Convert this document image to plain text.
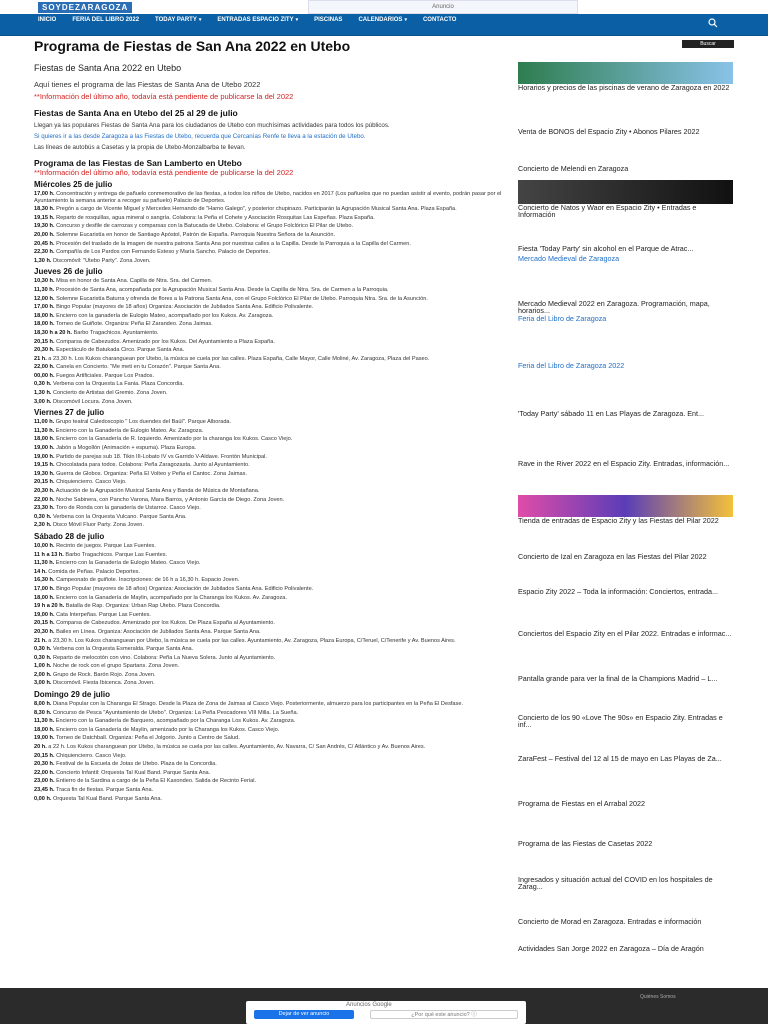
SOYDEZARAGOZA	Anuncio
INICIO	FERIA DEL LIBRO 2022	TODAY PARTY ▾	ENTRADAS ESPACIO ZITY ▾	PISCINAS	CALENDARIOS ▾	CONTACTO
Programa de Fiestas de San Ana 2022 en Utebo
Fiestas de Santa Ana 2022 en Utebo
Aquí tienes el programa de las Fiestas de Santa Ana de Utebo 2022
**Información del último año, todavía está pendiente de publicarse la del 2022
Fiestas de Santa Ana en Utebo del 25 al 29 de julio
Llegan ya las populares Fiestas de Santa Ana para los ciudadanos de Utebo con muchísimas actividades para todos los públicos.
Si quieres ir a las desde Zaragoza a las Fiestas de Utebo, recuerda que Cercanías Renfe te lleva a la estación de Utebo.
Las líneas de autobús a Casetas y la propia de Utebo-Monzalbarba te llevan.
Programa de las Fiestas de San Lamberto en Utebo
**Información del último año, todavía está pendiente de publicarse la del 2022
Miércoles 25 de julio
17,00 h. Concentración y entrega de pañuelo conmemorativo de las fiestas, a todos los niños de Utebo, nacidos en 2017 (Los pañuelos que no puedan asistir al evento, podrán pasar por el Ayuntamiento la semana anterior a recoger su pañuelo) Palacio de Deportes.
18,30 h. Pregón a cargo de Vicente Miguel y Mercedes Hernando de "Harno Galego", y posterior chupinazo. Participarán la Agrupación Musical Santa Ana. Plaza España.
19,15 h. Reparto de rosquillas, agua mineral o sangría. Colabora: la Peña el Cohete y Asociación Rosquitas Las Espeñas. Plaza España.
19,30 h. Concurso y desfile de carrozas y comparsas con la Batucada de Utebo. Colabora: el Grupo Folclórico El Pilar de Utebo.
20,00 h. Solemne Eucaristía en honor de Santiago Apóstol, Patrón de España. Parroquia Nuestra Señora de la Asunción.
20,45 h. Procesión del traslado de la imagen de nuestra patrona Santa Ana por nuestras calles a la Capilla. Desde la Parroquia a la Capilla del Carmen.
22,30 h. Compañía de Los Pardos con Fernando Esteso y María Sancho. Palacio de Deportes.
1,30 h. Discomóvil: "Utebo Party". Zona Joven.
Jueves 26 de julio
10,30 h. Misa en honor de Santa Ana. Capilla de Ntra. Sra. del Carmen.
11,30 h. Procesión de Santa Ana, acompañada por la Agrupación Musical Santa Ana. Desde la Capilla de Ntra. Sra. de Carmen a la Parroquia.
12,00 h. Solemne Eucaristía Baturra y ofrenda de flores a la Patrona Santa Ana, con el Grupo Folclórico El Pilar de Utebo. Parroquia Ntra. Sra. de la Asunción.
17,00 h. Bingo Popular (mayores de 18 años) Organiza: Asociación de Jubilados Santa Ana. Edificio Polivalente.
18,00 h. Encierro con la ganadería de Eulogio Mateo, acompañado por los Kukos. Av. Zaragoza.
18,00 h. Torneo de Guiñote. Organiza: Peña El Zarandeo. Zona Jaimas.
18,30 h a 20 h. Barbo Tragachicos. Ayuntamiento.
20,15 h. Comparsa de Cabezudos. Amenizado por los Kukos. Del Ayuntamiento a Plaza España.
20,30 h. Espectáculo de Batukada Circo. Parque Santa Ana.
21 h. a 23,30 h. Los Kukos charanguean por Utebo, la música se cuela por las calles. Plaza España, Calle Mayor, Calle Moliné, Av. Zaragoza, Plaza del Paseo.
22,00 h. Canela en Concierto. "Me meti en tu Corazón". Parque Santa Ana.
00,00 h. Fuegos Artificiales. Parque Los Prados.
0,30 h. Verbena con la Orquesta La Fania. Plaza Concordia.
1,30 h. Concierto de Artistas del Gremio. Zona Joven.
3,00 h. Discomóvil Locura. Zona Joven.
Viernes 27 de julio
11,00 h. Grupo teatral Caledoscopio " Los duendes del Baúl". Parque Alborada.
11,30 h. Encierro con la Ganadería de Eulogio Mateo. Av. Zaragoza.
18,00 h. Encierro con la Ganadería de R. Izquierdo. Amenizado por la charanga los Kukos. Casco Viejo.
19,00 h. Jabón a Mogollón (Animación + espuma). Plaza Europa.
19,00 h. Partido de parejas sub 18. Tikin III-Lobato IV vs Garrido V-Aldave. Frontón Municipal.
19,15 h. Chocolatada para todos. Colabora: Peña Zaragozasta. Junto al Ayuntamiento.
19,30 h. Guerra de Globos. Organiza: Peña El Volteo y Peña el Cantoc. Zona Jaimas.
20,15 h. Chiquiencierro. Casco Viejo.
20,30 h. Actuación de la Agrupación Musical Santa Ana y Banda de Música de Montañana.
22,00 h. Noche Sabinera, con Pancho Varona, Mara Barros, y Antonio García de Diego. Zona Joven.
23,30 h. Toro de Ronda con la ganadería de Ustarroz. Casco Viejo.
0,30 h. Verbena con la Orquesta Vulcano. Parque Santa Ana.
2,30 h. Disco Móvil Fluor Party. Zona Joven.
Sábado 28 de julio
10,00 h. Recinto de juegos. Parque Las Fuentes.
11 h a 13 h. Barbo Tragachicos. Parque Las Fuentes.
11,30 h. Encierro con la Ganadería de Eulogio Mateo. Casco Viejo.
14 h. Comida de Peñas. Palacio Deportes.
16,30 h. Campeonato de guiñote. Inscripciones: de 16 h a 16,30 h. Espacio Joven.
17,00 h. Bingo Popular (mayores de 18 años) Organiza: Asociación de Jubilados Santa Ana. Edificio Polivalente.
18,00 h. Encierro con la Ganadería de Maylin, acompañado por la Charanga los Kukos. Av. Zaragoza.
19 h a 20 h. Batalla de Rap. Organiza: Urban Rap Utebo. Plaza Concordia.
19,00 h. Cata Interpeñas. Parque Las Fuentes.
20,15 h. Comparsa de Cabezudos. Amenizado por los Kukos. De Plaza España al Ayuntamiento.
20,30 h. Bailes en Línea. Organiza: Asociación de Jubilados Santa Ana. Parque Santa Ana.
21 h. a 23,30 h. Los Kukos charanguean por Utebo, la música se cuela por las calles. Ayuntamiento, Av. Zaragoza, Plaza Europa, C/Teruel, C/Tenerife y Av. Buenos Aires.
0,30 h. Verbena con la Orquesta Esmeralda. Parque Santa Ana.
0,30 h. Reparto de melocotón con vino. Colabora: Peña La Nueva Solera. Junto al Ayuntamiento.
1,00 h. Noche de rock con el grupo Spartans. Zona Joven.
2,00 h. Grupo de Rock. Barón Rojo. Zona Joven.
3,00 h. Discomóvil. Fiesta Ibicenca. Zona Joven.
Domingo 29 de julio
8,00 h. Diana Popular con la Charanga El Strago. Desde la Plaza de Zona de Jaimas al Casco Viejo. Posteriormente, almuerzo para los participantes en la Peña El Desfase.
8,30 h. Concurso de Pesca "Ayuntamiento de Utebo". Organiza: La Peña Pescadores VIII Milla. La Sueña.
11,30 h. Encierro con la Ganadería de Barquero, acompañado por la Charanga Los Kukos. Av. Zaragoza.
18,00 h. Encierro con la Ganadería de Maylin, amenizado por la Charanga los Kukos. Casco Viejo.
19,00 h. Torneo de Datchball. Organiza: Peña el Jolgorio. Junto a Centro de Salud.
20 h. a 22 h. Los Kukos charanguean por Utebo, la música se cuela por las calles. Ayuntamiento, Av. Navarra, C/ San Andrés, C/ Atlántico y Av. Buenos Aires.
20,15 h. Chiquiencierro. Casco Viejo.
20,30 h. Festival de la Escuela de Jotas de Utebo. Plaza de la Concordia.
22,00 h. Concierto Infantil: Orquesta Tal Kual Band. Parque Santa Ana.
23,00 h. Entierro de la Sardina a cargo de la Peña El Kaxondeo. Salida de Recinto Ferial.
23,45 h. Traca fin de fiestas. Parque Santa Ana.
0,00 h. Orquesta Tal Kual Band. Parque Santa Ana.
Buscar
Horarios y precios de las piscinas de verano de Zaragoza en 2022
Venta de BONOS del Espacio Zity • Abonos Pilares 2022
Concierto de Melendi en Zaragoza
Concierto de Natos y Waor en Espacio Zity • Entradas e Información
Fiesta 'Today Party' sin alcohol en el Parque de Atrac...
Mercado Medieval de Zaragoza
Mercado Medieval 2022 en Zaragoza. Programación, mapa, horarios...
Feria del Libro de Zaragoza
Feria del Libro de Zaragoza 2022
'Today Party' sábado 11 en Las Playas de Zaragoza. Ent...
Rave in the River 2022 en el Espacio Zity. Entradas, información...
Tienda de entradas de Espacio Zity y las Fiestas del Pilar 2022
Concierto de Izal en Zaragoza en las Fiestas del Pilar 2022
Espacio Zity 2022 – Toda la información: Conciertos, entrada...
Conciertos del Espacio Zity en el Pilar 2022. Entradas e informac...
Pantalla grande para ver la final de la Champions Madrid – L...
Concierto de los 90 «Love The 90s» en Espacio Zity. Entradas e inf...
ZaraFest – Festival del 12 al 15 de mayo en Las Playas de Za...
Programa de Fiestas en el Arrabal 2022
Programa de las Fiestas de Casetas 2022
Ingresados y situación actual del COVID en los hospitales de Zarag...
Concierto de Morad en Zaragoza. Entradas e información
Actividades San Jorge 2022 en Zaragoza – Día de Aragón
Quiénes Somos
Anuncios Google
Dejar de ver anuncio	¿Por qué este anuncio? ⓘ
